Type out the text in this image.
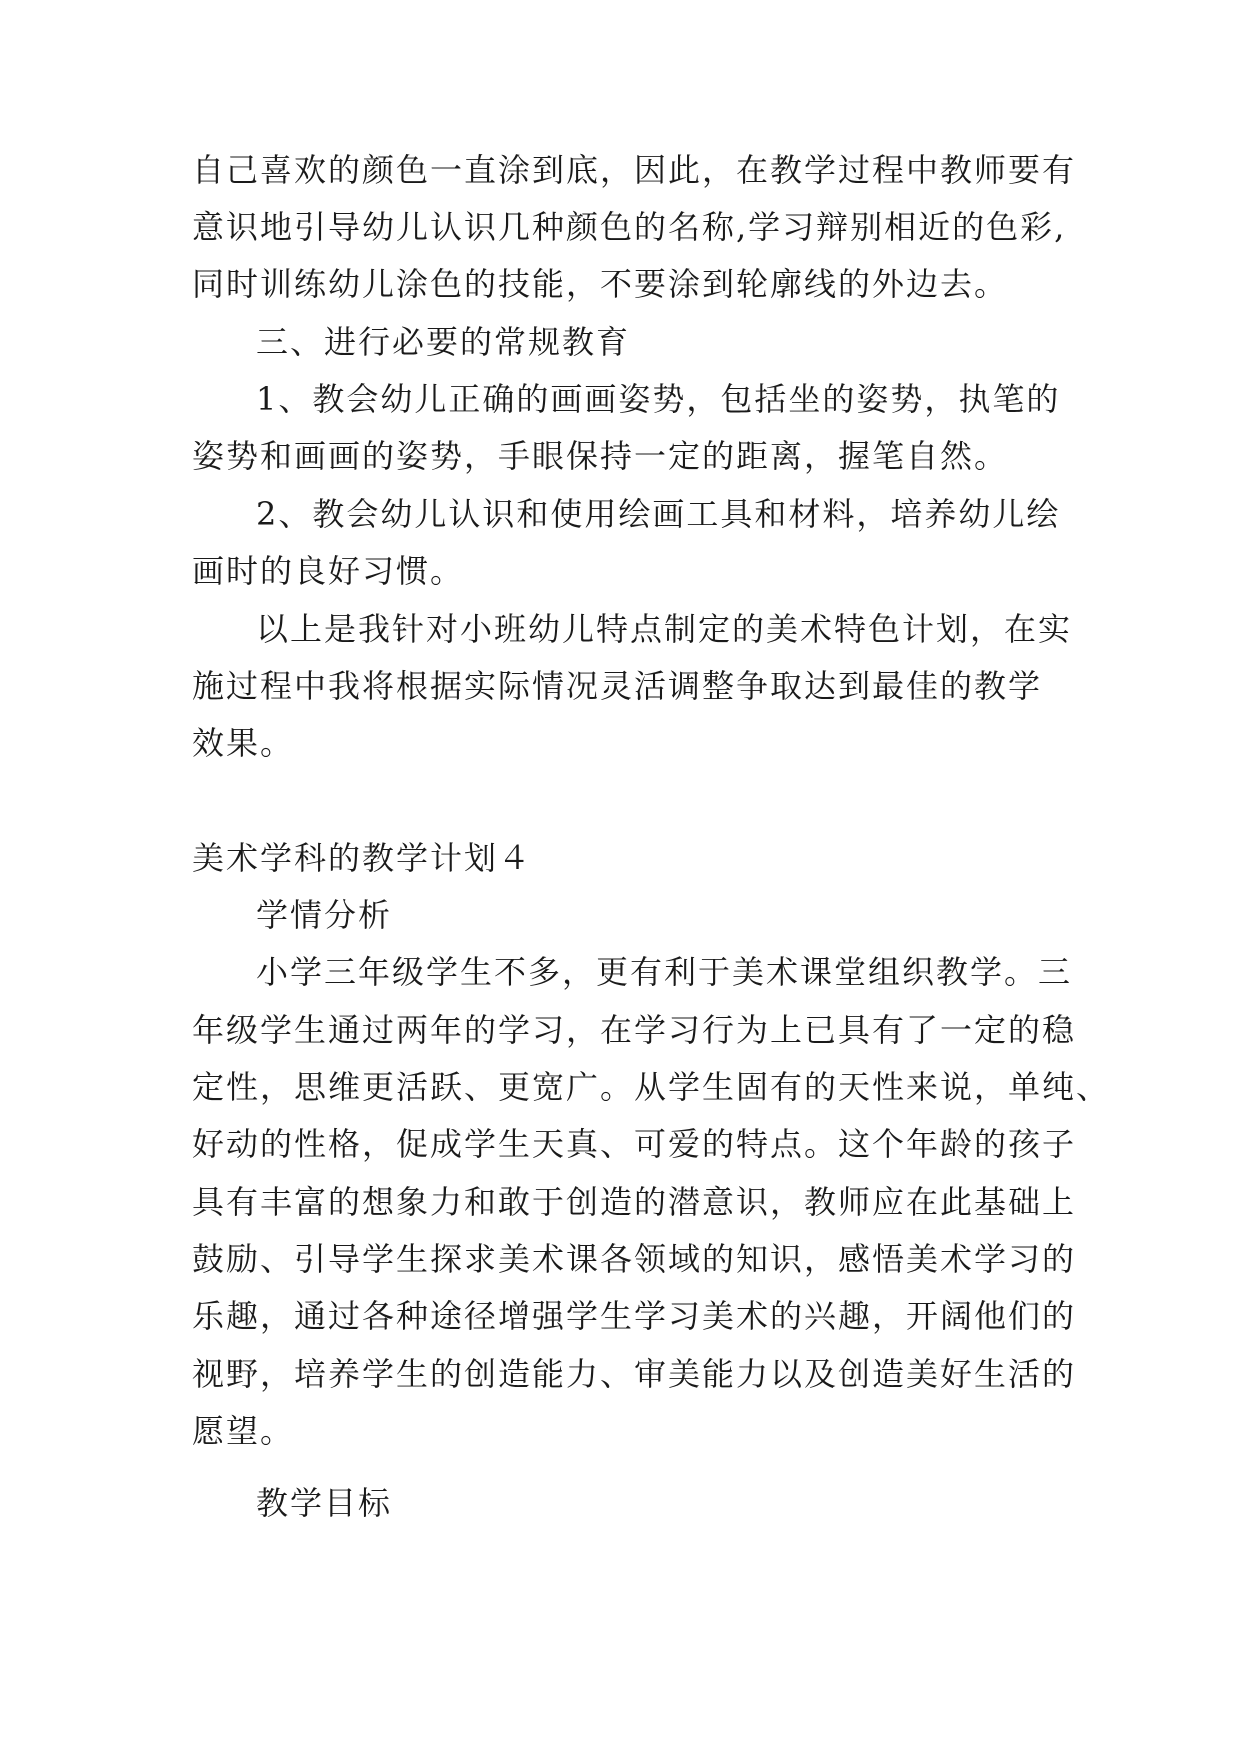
自己喜欢的颜色一直涂到底，因此，在教学过程中教师要有

意识地引导幼儿认识几种颜色的名称,学习辩别相近的色彩,

同时训练幼儿涂色的技能，不要涂到轮廓线的外边去。

三、进行必要的常规教育

1、教会幼儿正确的画画姿势，包括坐的姿势，执笔的

姿势和画画的姿势，手眼保持一定的距离，握笔自然。

2、教会幼儿认识和使用绘画工具和材料，培养幼儿绘

画时的良好习惯。

以上是我针对小班幼儿特点制定的美术特色计划，在实

施过程中我将根据实际情况灵活调整争取达到最佳的教学

效果。

美术学科的教学计划４

学情分析

小学三年级学生不多，更有利于美术课堂组织教学。三

年级学生通过两年的学习，在学习行为上已具有了一定的稳

定性，思维更活跃、更宽广。从学生固有的天性来说，单纯、

好动的性格，促成学生天真、可爱的特点。这个年龄的孩子

具有丰富的想象力和敢于创造的潜意识，教师应在此基础上

鼓励、引导学生探求美术课各领域的知识，感悟美术学习的

乐趣，通过各种途径增强学生学习美术的兴趣，开阔他们的

视野，培养学生的创造能力、审美能力以及创造美好生活的

愿望。

教学目标
